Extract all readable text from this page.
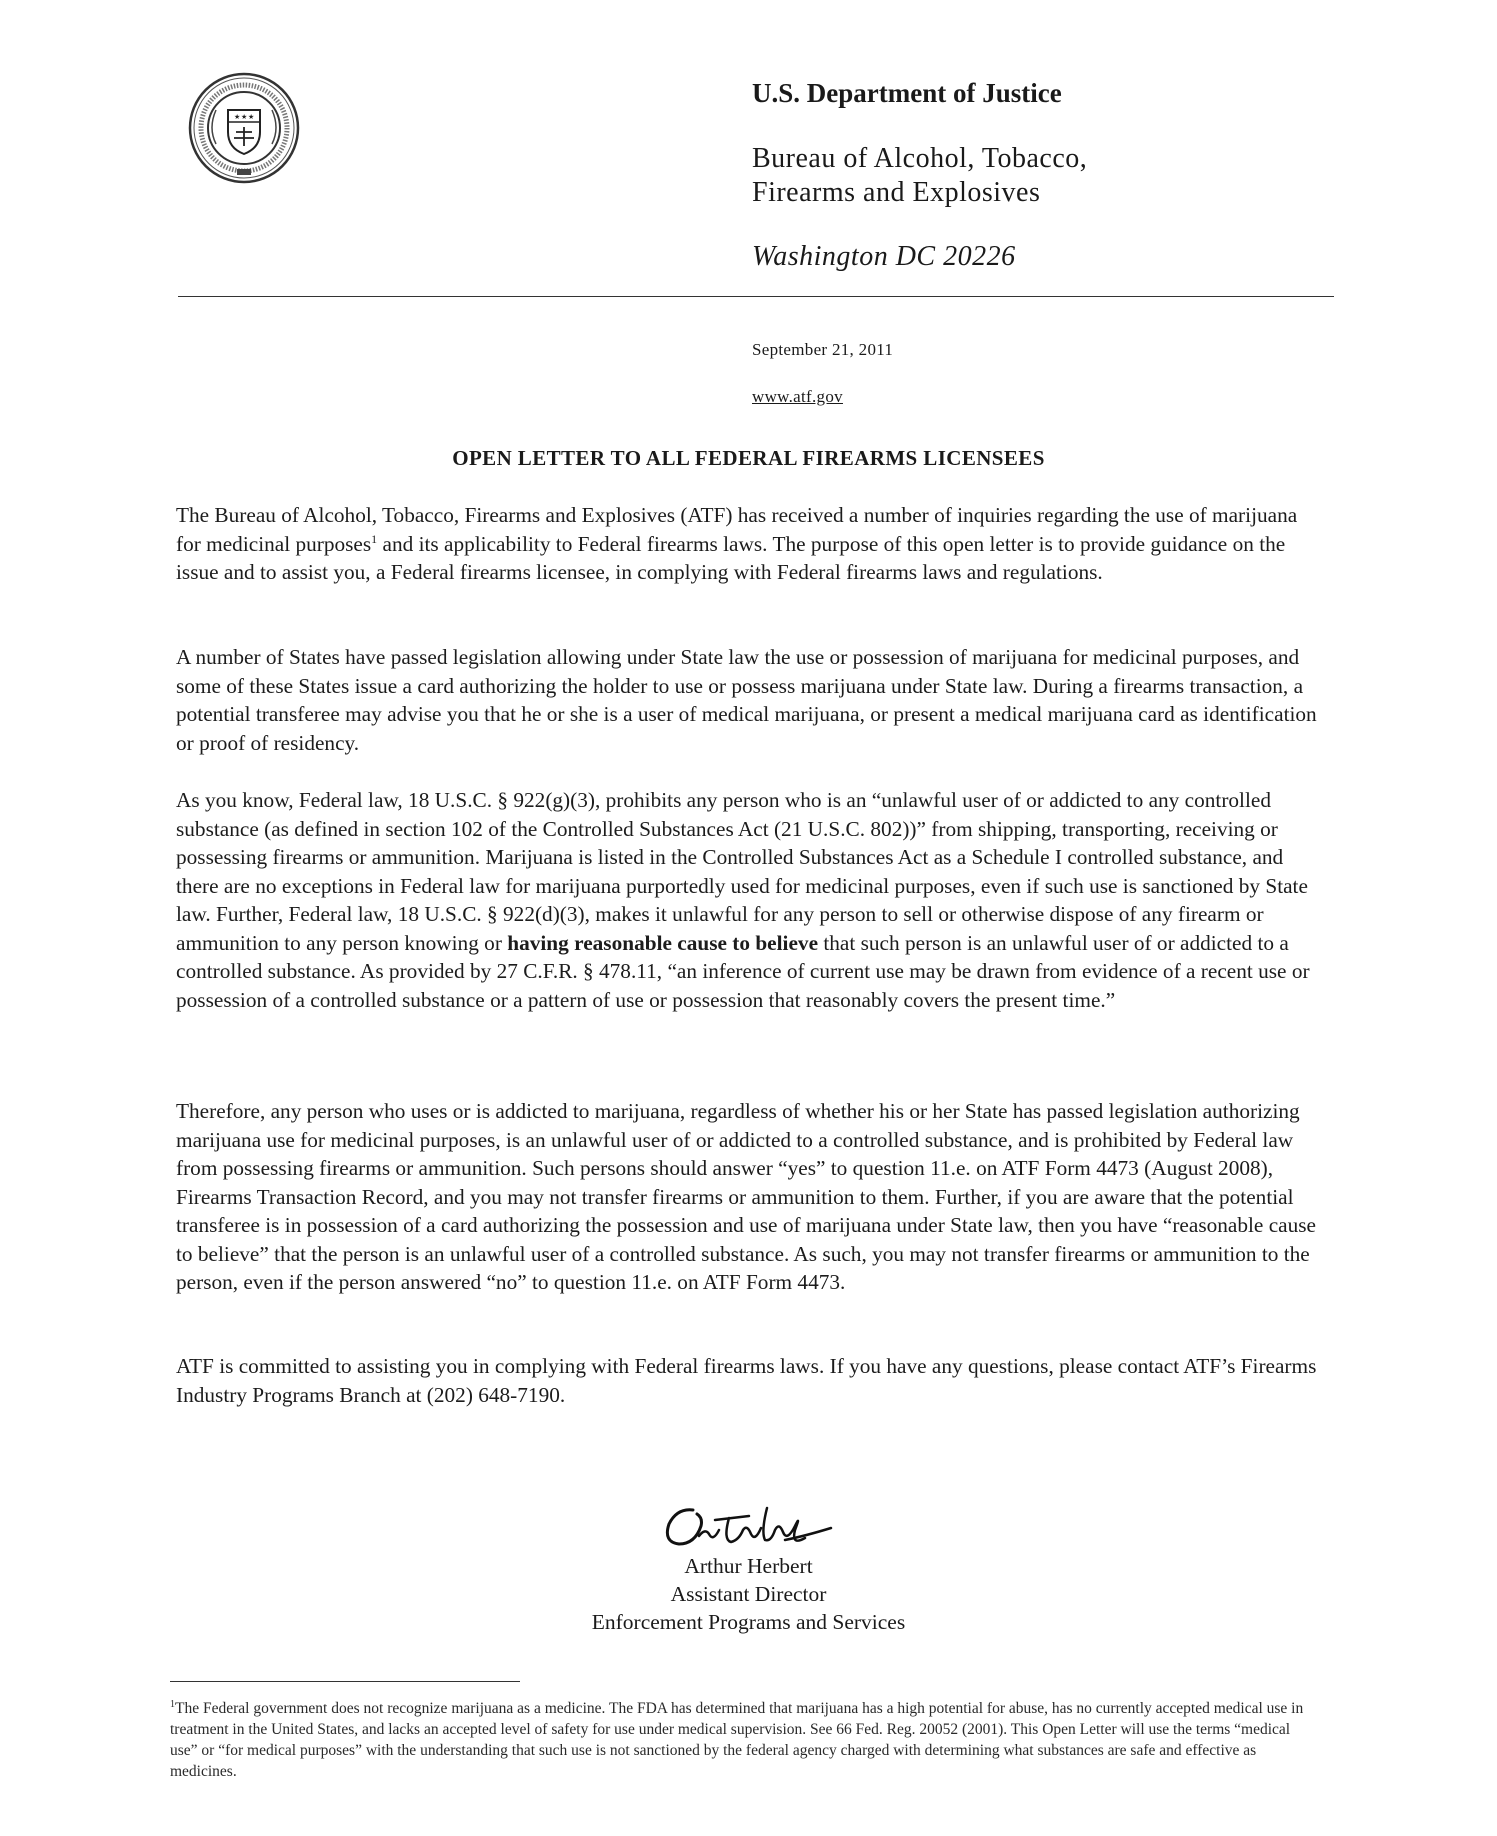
★ ★ ★
U.S. Department of Justice
Bureau of Alcohol, Tobacco,
Firearms and Explosives
Washington DC 20226
September 21, 2011
www.atf.gov
OPEN LETTER TO ALL FEDERAL FIREARMS LICENSEES

The Bureau of Alcohol, Tobacco, Firearms and Explosives (ATF) has received a number of inquiries regarding the use of marijuana for medicinal purposes$^1$ and its applicability to Federal firearms laws. The purpose of this open letter is to provide guidance on the issue and to assist you, a Federal firearms licensee, in complying with Federal firearms laws and regulations.

A number of States have passed legislation allowing under State law the use or possession of marijuana for medicinal purposes, and some of these States issue a card authorizing the holder to use or possess marijuana under State law. During a firearms transaction, a potential transferee may advise you that he or she is a user of medical marijuana, or present a medical marijuana card as identification or proof of residency.

As you know, Federal law, 18 U.S.C. § 922(g)(3), prohibits any person who is an “unlawful user of or addicted to any controlled substance (as defined in section 102 of the Controlled Substances Act (21 U.S.C. 802))” from shipping, transporting, receiving or possessing firearms or ammunition. Marijuana is listed in the Controlled Substances Act as a Schedule I controlled substance, and there are no exceptions in Federal law for marijuana purportedly used for medicinal purposes, even if such use is sanctioned by State law. Further, Federal law, 18 U.S.C. § 922(d)(3), makes it unlawful for any person to sell or otherwise dispose of any firearm or ammunition to any person knowing or having reasonable cause to believe that such person is an unlawful user of or addicted to a controlled substance. As provided by 27 C.F.R. § 478.11, “an inference of current use may be drawn from evidence of a recent use or possession of a controlled substance or a pattern of use or possession that reasonably covers the present time.”

Therefore, any person who uses or is addicted to marijuana, regardless of whether his or her State has passed legislation authorizing marijuana use for medicinal purposes, is an unlawful user of or addicted to a controlled substance, and is prohibited by Federal law from possessing firearms or ammunition. Such persons should answer “yes” to question 11.e. on ATF Form 4473 (August 2008), Firearms Transaction Record, and you may not transfer firearms or ammunition to them. Further, if you are aware that the potential transferee is in possession of a card authorizing the possession and use of marijuana under State law, then you have “reasonable cause to believe” that the person is an unlawful user of a controlled substance. As such, you may not transfer firearms or ammunition to the person, even if the person answered “no” to question 11.e. on ATF Form 4473.

ATF is committed to assisting you in complying with Federal firearms laws. If you have any questions, please contact ATF’s Firearms Industry Programs Branch at (202) 648-7190.

Arthur Herbert
Assistant Director
Enforcement Programs and Services

$^1$The Federal government does not recognize marijuana as a medicine. The FDA has determined that marijuana has a high potential for abuse, has no currently accepted medical use in treatment in the United States, and lacks an accepted level of safety for use under medical supervision. See 66 Fed. Reg. 20052 (2001). This Open Letter will use the terms “medical use” or “for medical purposes” with the understanding that such use is not sanctioned by the federal agency charged with determining what substances are safe and effective as medicines.
